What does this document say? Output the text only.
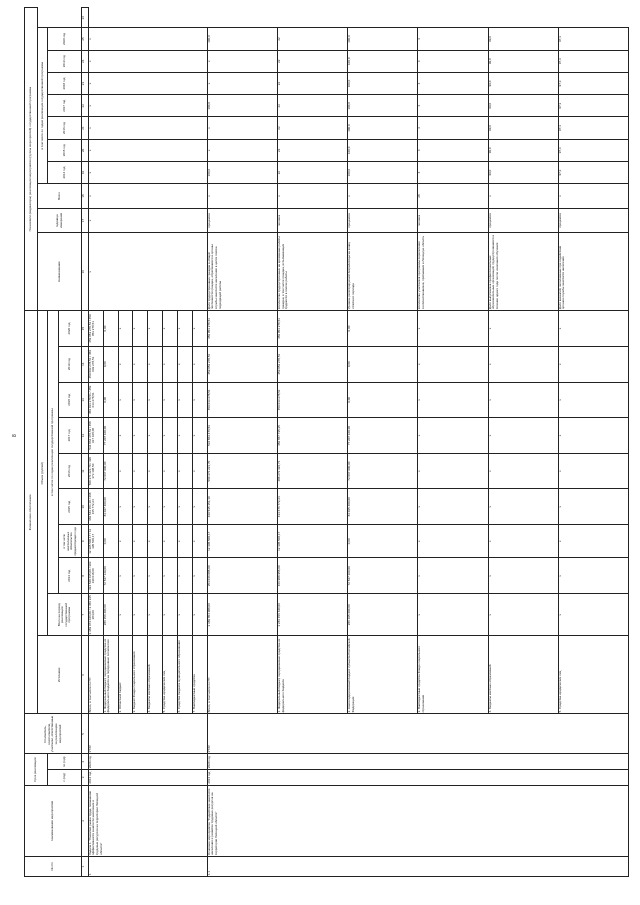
8
№ п/п	Наименование мероприятия	Срок реализации		Сполнитель, соисполнители, участники, ответственные за реализацию мероприятий	Финансовое обеспечение										Показатели (индикаторы) реализации мероприятия (группы мероприятий) государственной программы										
					Источники	Объем (рублей)									Наименование	Единица измерения	Всего	в том числе по годам реализации государственной программы							
		с (год)	по (год)			Всего на период реализации государственной программы	в том числе по годам реализации государственной программы											2014 год	2015 год	2016 год	2017 год	2018 год	2019 год	2020 год	
							2014 год	в том числе неисполненные обязательства предшествующего года	2015 год	2016 год	2017 год	2018 год	2019 год	2020 год											
1	2	3	4	5	6	7	8	9	10	11	12	13	14	15	16	17	18	19	20	21	22	23	24	25	26
1	Задача 1. "Развитие рынка труда, повышение эффективности занятости населения и трудовых ресурсов на территории Липецкой области"	2014 год	2020 год	УТЗУ	Всего, в том числе по ГП	3 389 074 046,00 / 3 356 915 284,00	394 548 015,00 / 393 190 018,00	12 395 506,17 / 12 395 506,17	469 543 151,10 / 468 165 772,24	560 371 221,70 / 496 373 108,50	534 864 476,53 / 458 917 108,08	459 013 278,51 / 459 013 278,51	459 093 278,51 / 459 093 278,51	459 053 278,51 / 459 053 278,51	х	х	х	х	х	х	х	х	х	х	
					1. Федеральный бюджет, передаваемые средства из федерального бюджета на переданные полномочия	286 156 400,00	72 547 149,00	0,00	84 027 400,00	72 067 900,00	77 207 100,00	0,00	0,00	0,00											
					2. Областной бюджет	х	х	х	х	х	х	х	х	х											
					3. Бюджет Фонда социального страхования	х	х	х	х	х	х	х	х	х											
					4. Бюджеты местных образований	х	х	х	х	х	х	х	х	х											
					5. Средства юридических лиц	х	х	х	х	х	х	х	х	х											
					6. Средства бюджета муниципального образования	х	х	х	х	х	х	х	х	х											
					7. Внебюджетные средства	х	х	х	х	х	х	х	х	х											
1.1	Основное мероприятие "Содействие занятости населения и развитие трудовых ресурсов на территории Липецкой области"	2014 год	2020 год	УТЗУ	Всего, в том числе по ГП	3 389 654 988,00	354 046 085,00	12 395 506,17	469 535 151,10	560 371 221,70	534 864 476,53	459 013 278,51	459 053 278,51	459 053 278,51	Доля трудоустроенных граждан в общей численности граждан, обратившихся в органы службы занятости населения в целях поиска подходящей работы	процентов	х	100,0	х	х	100,0	х	х	100,0	
					1. Федеральный бюджет, передаваемые средства из федерального бюджета	3 281 156 640,00	466 988 955,00	12 395 506,17	434 676 772,24	488 273 426,71	459 657 735,35	459 013 278,51	459 053 278,51	459 053 278,51	Количество трудоустроенных на временные работы граждан, в том числе граждан, испытывающих трудности в поиске работы	человек	х	22	22	22	22	22	22	22	
					2. Консолидированный бюджет субъекта Российской Федерации	286 195 600,00	72 547 100,00	0,00	84 025 400,00	72 067 900,00	77 207 100,00	0,00	0,00	0,00	Уровень регистрируемой безработицы на конец отчетного периода	процентов	х	100,0	100,0	100,0	100,0	100,0	100,0	100,0	
					3. Внебюджетные средства Фонда социального страхования	х	х	х	х	х	х	х	х	х	Количество участников программы переселения соотечественников, прибывших в Липецкую область	человек	28	4	4	4	4	4	4	4	
					4. Бюджеты местных образований	х	х	х	х	х	х	х	х	х	Доля выпускников профессиональных образовательных организаций, трудоустроившихся в течение одного года после окончания обучения	процентов	х	99,0	99,0	99,0	99,0	99,0	99,0	99,0	
					5. Средства юридических лиц	х	х	х	х	х	х	х	х	х	Доля вакансий, заполненных при содействии органов службы занятости населения	процентов	х	97,3	97,3	97,3	97,3	97,3	97,3	97,3	
